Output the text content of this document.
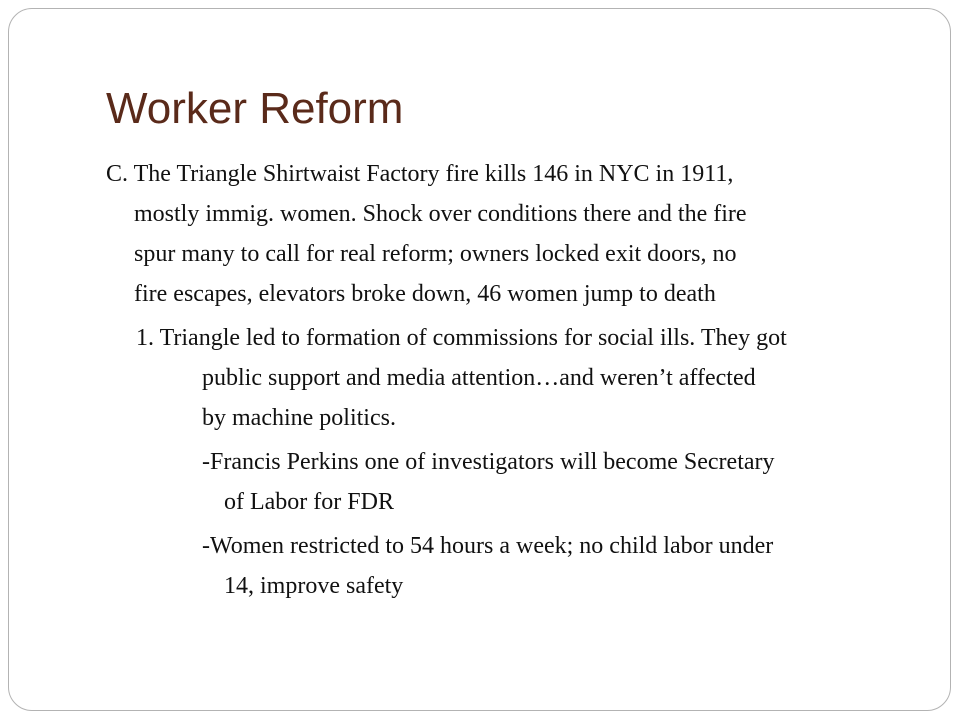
Worker Reform
C. The Triangle Shirtwaist Factory fire kills 146 in NYC in 1911,
mostly immig. women. Shock over conditions there and the fire
spur many to call for real reform; owners locked exit doors, no
fire escapes, elevators broke down, 46 women jump to death
1. Triangle led to formation of commissions for social ills. They got
public support and media attention…and weren’t affected
by machine politics.
-Francis Perkins one of investigators will become Secretary
of Labor for FDR
-Women restricted to 54 hours a week; no child labor under
14, improve safety
